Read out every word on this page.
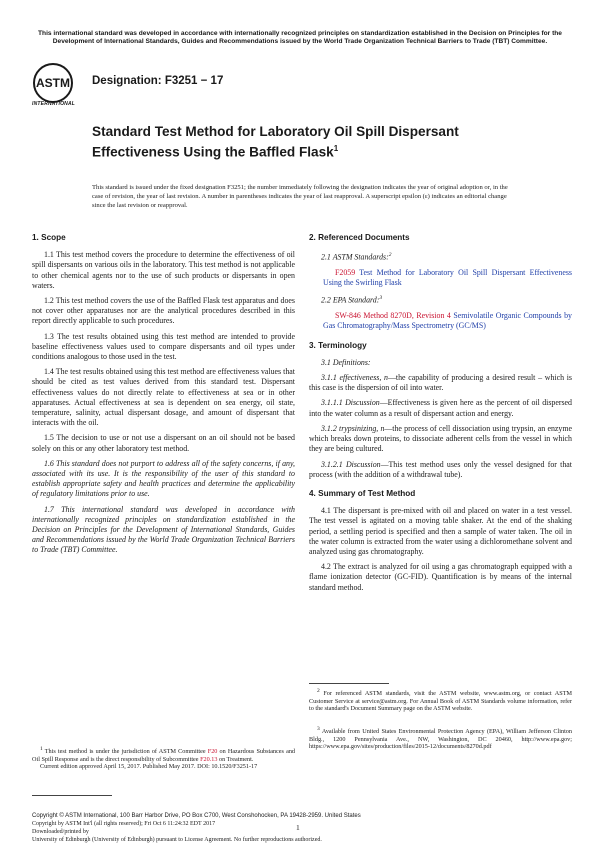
This international standard was developed in accordance with internationally recognized principles on standardization established in the Decision on Principles for the Development of International Standards, Guides and Recommendations issued by the World Trade Organization Technical Barriers to Trade (TBT) Committee.
ASTM
INTERNATIONAL
Designation: F3251 − 17
Standard Test Method for Laboratory Oil Spill Dispersant Effectiveness Using the Baffled Flask$^1$
This standard is issued under the fixed designation F3251; the number immediately following the designation indicates the year of original adoption or, in the case of revision, the year of last revision. A number in parentheses indicates the year of last reapproval. A superscript epsilon (ε) indicates an editorial change since the last revision or reapproval.
1. Scope

1.1 This test method covers the procedure to determine the effectiveness of oil spill dispersants on various oils in the laboratory. This test method is not applicable to other chemical agents nor to the use of such products or dispersants in open waters.

1.2 This test method covers the use of the Baffled Flask test apparatus and does not cover other apparatuses nor are the analytical procedures described in this report directly applicable to such procedures.

1.3 The test results obtained using this test method are intended to provide baseline effectiveness values used to compare dispersants and oil types under conditions analogous to those used in the test.

1.4 The test results obtained using this test method are effectiveness values that should be cited as test values derived from this standard test. Dispersant effectiveness values do not directly relate to effectiveness at sea or in other apparatuses. Actual effectiveness at sea is dependent on sea energy, oil state, temperature, salinity, actual dispersant dosage, and amount of dispersant that interacts with the oil.

1.5 The decision to use or not use a dispersant on an oil should not be based solely on this or any other laboratory test method.

1.6 This standard does not purport to address all of the safety concerns, if any, associated with its use. It is the responsibility of the user of this standard to establish appropriate safety and health practices and determine the applicability of regulatory limitations prior to use.

1.7 This international standard was developed in accordance with internationally recognized principles on standardization established in the Decision on Principles for the Development of International Standards, Guides and Recommendations issued by the World Trade Organization Technical Barriers to Trade (TBT) Committee.

$^1$ This test method is under the jurisdiction of ASTM Committee F20 on Hazardous Substances and Oil Spill Response and is the direct responsibility of Subcommittee F20.13 on Treatment.
Current edition approved April 15, 2017. Published May 2017. DOI: 10.1520/F3251-17
2. Referenced Documents

2.1 ASTM Standards:$^2$

F2059 Test Method for Laboratory Oil Spill Dispersant Effectiveness Using the Swirling Flask

2.2 EPA Standard:$^3$

SW-846 Method 8270D, Revision 4 Semivolatile Organic Compounds by Gas Chromatography/Mass Spectrometry (GC/MS)

3. Terminology

3.1 Definitions:

3.1.1 effectiveness, n—the capability of producing a desired result – which is this case is the dispersion of oil into water.

3.1.1.1 Discussion—Effectiveness is given here as the percent of oil dispersed into the water column as a result of dispersant action and energy.

3.1.2 trypsinizing, n—the process of cell dissociation using trypsin, an enzyme which breaks down proteins, to dissociate adherent cells from the vessel in which they are being cultured.

3.1.2.1 Discussion—This test method uses only the vessel designed for that process (with the addition of a withdrawal tube).

4. Summary of Test Method

4.1 The dispersant is pre-mixed with oil and placed on water in a test vessel. The test vessel is agitated on a moving table shaker. At the end of the shaking period, a settling period is specified and then a sample of water taken. The oil in the water column is extracted from the water using a dichloromethane solvent and analyzed using gas chromatography.

4.2 The extract is analyzed for oil using a gas chromatograph equipped with a flame ionization detector (GC-FID). Quantification is by means of the internal standard method.

$^2$ For referenced ASTM standards, visit the ASTM website, www.astm.org, or contact ASTM Customer Service at service@astm.org. For Annual Book of ASTM Standards volume information, refer to the standard's Document Summary page on the ASTM website.
$^3$ Available from United States Environmental Protection Agency (EPA), William Jefferson Clinton Bldg., 1200 Pennsylvania Ave., NW, Washington, DC 20460, http://www.epa.gov; https://www.epa.gov/sites/production/files/2015-12/documents/8270d.pdf
Copyright © ASTM International, 100 Barr Harbor Drive, PO Box C700, West Conshohocken, PA 19428-2959. United States
Copyright by ASTM Int'l (all rights reserved); Fri Oct 6 11:24:32 EDT 2017
Downloaded/printed by
University of Edinburgh (University of Edinburgh) pursuant to License Agreement. No further reproductions authorized.
1
